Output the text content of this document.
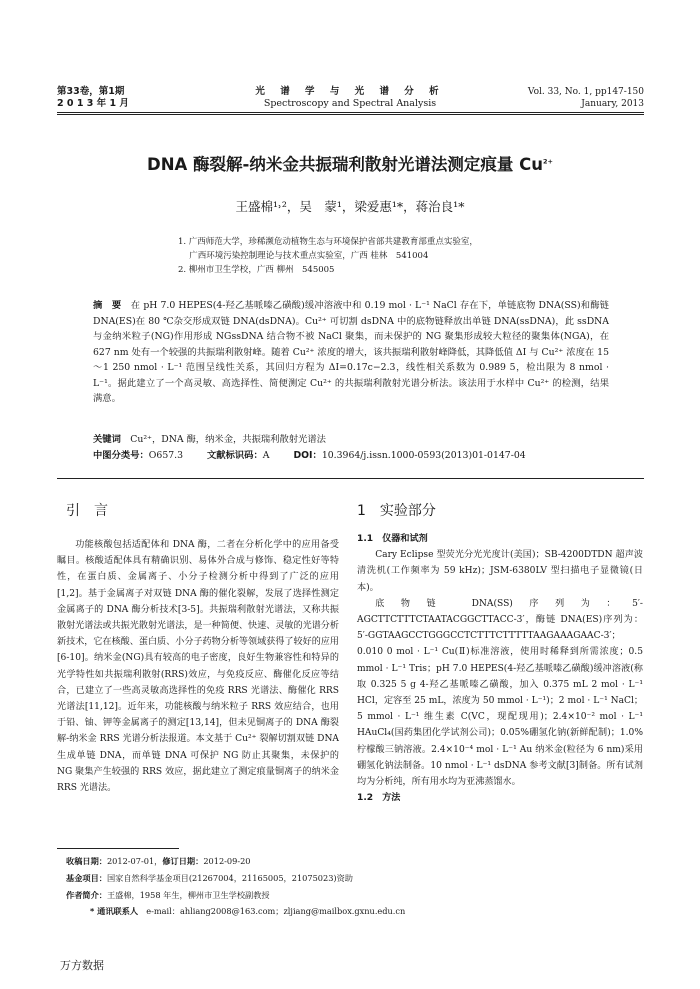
第33卷，第1期
2 0 1 3 年 1 月
光 谱 学 与 光 谱 分 析
Spectroscopy and Spectral Analysis
Vol. 33, No. 1, pp147-150
January, 2013
DNA 酶裂解-纳米金共振瑞利散射光谱法测定痕量 $Cu^{2+}$
王盛棉¹˒²，吴　蒙¹，梁爱惠¹*，蒋治良¹*
1. 广西师范大学，珍稀濒危动植物生态与环境保护省部共建教育部重点实验室，
　 广西环境污染控制理论与技术重点实验室，广西 桂林　541004
2. 柳州市卫生学校，广西 柳州　545005
摘　要　 在 pH 7.0 HEPES(4-羟乙基哌嗪乙磺酸)缓冲溶液中和 0.19 mol · L⁻¹ NaCl 存在下，单链底物 DNA(SS)和酶链 DNA(ES)在 80 ℃杂交形成双链 DNA(dsDNA)。Cu²⁺ 可切割 dsDNA 中的底物链释放出单链 DNA(ssDNA)，此 ssDNA 与金纳米粒子(NG)作用形成 NGssDNA 结合物不被 NaCl 聚集，而未保护的 NG 聚集形成较大粒径的聚集体(NGA)，在 627 nm 处有一个较强的共振瑞利散射峰。随着 Cu²⁺ 浓度的增大，该共振瑞利散射峰降低，其降低值 ΔI 与 Cu²⁺ 浓度在 15～1 250 nmol · L⁻¹ 范围呈线性关系，其回归方程为 ΔI=0.17c−2.3，线性相关系数为 0.989 5，检出限为 8 nmol · L⁻¹。据此建立了一个高灵敏、高选择性、简便测定 Cu²⁺ 的共振瑞利散射光谱分析法。该法用于水样中 Cu²⁺ 的检测，结果满意。
关键词　 Cu²⁺，DNA 酶，纳米金，共振瑞利散射光谱法
中图分类号：O657.3	文献标识码：A	DOI：10.3964/j.issn.1000-0593(2013)01-0147-04
引　言	1　实验部分

功能核酸包括适配体和 DNA 酶，二者在分析化学中的应用备受瞩目。核酸适配体具有精确识别、易体外合成与修饰、稳定性好等特性，在蛋白质、金属离子、小分子检测分析中得到了广泛的应用[1,2]。基于金属离子对双链 DNA 酶的催化裂解，发展了选择性测定金属离子的 DNA 酶分析技术[3-5]。共振瑞利散射光谱法，又称共振散射光谱法或共振光散射光谱法，是一种简便、快速、灵敏的光谱分析新技术，它在核酸、蛋白质、小分子药物分析等领域获得了较好的应用[6-10]。纳米金(NG)具有较高的电子密度，良好生物兼容性和特异的光学特性如共振瑞利散射(RRS)效应，与免疫反应、酶催化反应等结合，已建立了一些高灵敏高选择性的免疫 RRS 光谱法、酶催化 RRS 光谱法[11,12]。近年来，功能核酸与纳米粒子 RRS 效应结合，也用于铅、铀、钾等金属离子的测定[13,14]，但未见铜离子的 DNA 酶裂解-纳米金 RRS 光谱分析法报道。本文基于 Cu²⁺ 裂解切割双链 DNA 生成单链 DNA，而单链 DNA 可保护 NG 防止其聚集，未保护的 NG 聚集产生较强的 RRS 效应，据此建立了测定痕量铜离子的纳米金 RRS 光谱法。

1.1　仪器和试剂

Cary Eclipse 型荧光分光光度计(美国)；SB-4200DTDN 超声波清洗机(工作频率为 59 kHz)；JSM-6380LV 型扫描电子显微镜(日本)。

底物链 DNA(SS)序列为：5′- AGCTTCTTTCTAATACGGCTTACC-3′，酶链 DNA(ES)序列为：5′-GGTAAGCCTGGGCCTCTTTCTTTTTAAGAAAGAAC-3′；0.010 0 mol · L⁻¹ Cu(Ⅱ)标准溶液，使用时稀释到所需浓度；0.5 mmol · L⁻¹ Tris；pH 7.0 HEPES(4-羟乙基哌嗪乙磺酸)缓冲溶液(称取 0.325 5 g 4-羟乙基哌嗪乙磺酸，加入 0.375 mL 2 mol · L⁻¹ HCl，定容至 25 mL，浓度为 50 mmol · L⁻¹)；2 mol · L⁻¹ NaCl；5 mmol · L⁻¹ 维生素 C(VC，现配现用)；2.4×10⁻² mol · L⁻¹ HAuCl₄(国药集团化学试剂公司)；0.05%硼氢化钠(新鲜配制)；1.0%柠檬酸三钠溶液。2.4×10⁻⁴ mol · L⁻¹ Au 纳米金(粒径为 6 nm)采用硼氢化钠法制备。10 nmol · L⁻¹ dsDNA 参考文献[3]制备。所有试剂均为分析纯，所有用水均为亚沸蒸馏水。

1.2　方法

收稿日期：2012-07-01，修订日期：2012-09-20
基金项目：国家自然科学基金项目(21267004，21165005，21075023)资助
作者简介：王盛棉，1958 年生，柳州市卫生学校副教授
* 通讯联系人　 e-mail：ahliang2008@163.com；zljiang@mailbox.gxnu.edu.cn
万方数据
